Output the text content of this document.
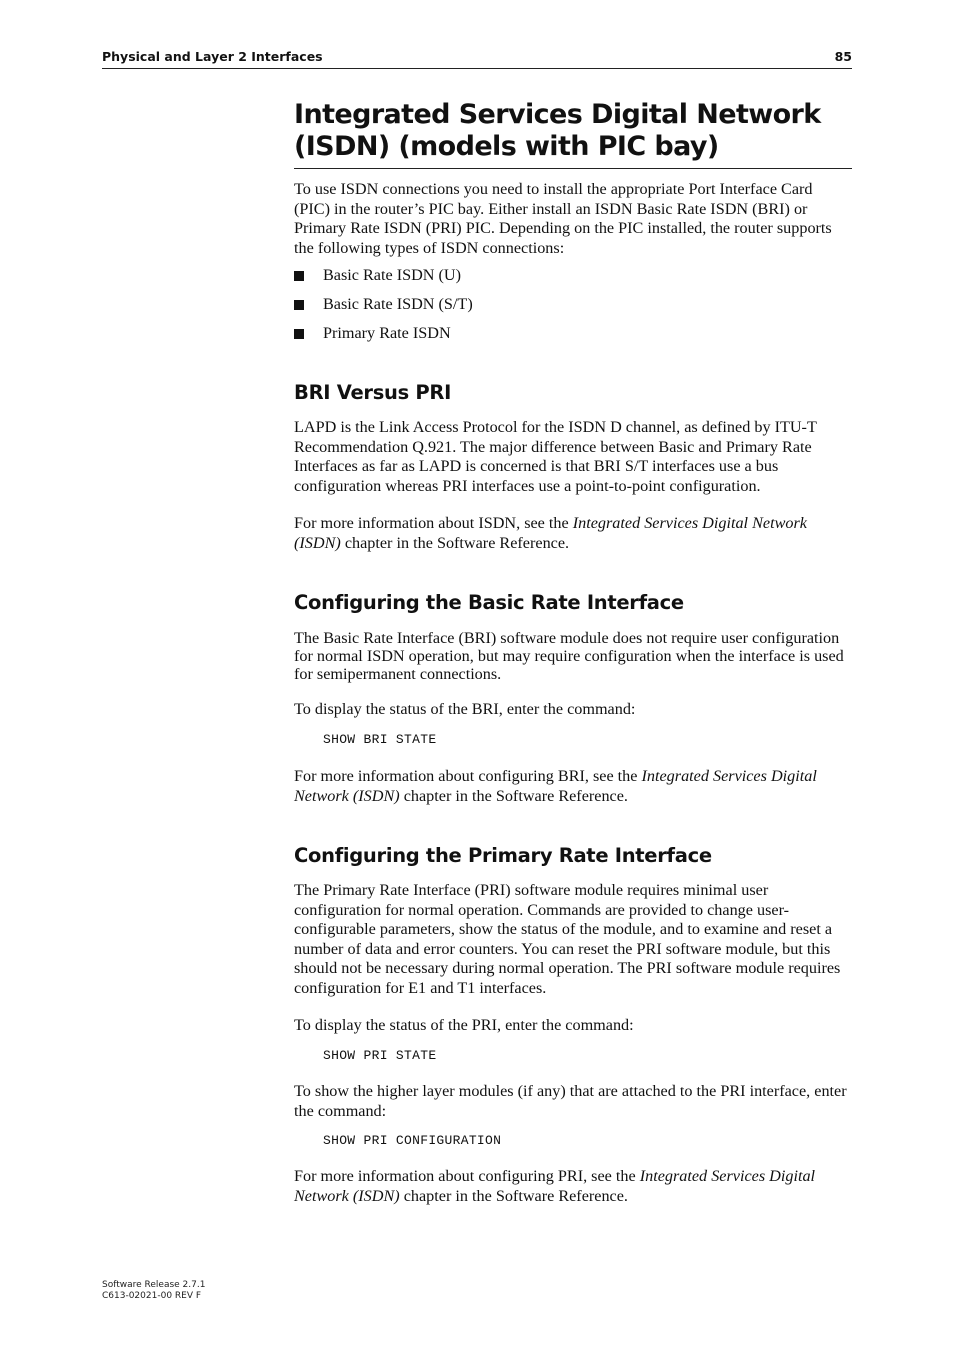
Physical and Layer 2 Interfaces	85
Integrated Services Digital Network (ISDN) (models with PIC bay)

To use ISDN connections you need to install the appropriate Port Interface Card (PIC) in the router’s PIC bay. Either install an ISDN Basic Rate ISDN (BRI) or Primary Rate ISDN (PRI) PIC. Depending on the PIC installed, the router supports the following types of ISDN connections:

Basic Rate ISDN (U)
Basic Rate ISDN (S/T)
Primary Rate ISDN
BRI Versus PRI

LAPD is the Link Access Protocol for the ISDN D channel, as defined by ITU-T Recommendation Q.921. The major difference between Basic and Primary Rate Interfaces as far as LAPD is concerned is that BRI S/T interfaces use a bus configuration whereas PRI interfaces use a point-to-point configuration.

For more information about ISDN, see the Integrated Services Digital Network (ISDN) chapter in the Software Reference.

Configuring the Basic Rate Interface

The Basic Rate Interface (BRI) software module does not require user configuration for normal ISDN operation, but may require configuration when the interface is used for semipermanent connections.

To display the status of the BRI, enter the command:

SHOW BRI STATE

For more information about configuring BRI, see the Integrated Services Digital Network (ISDN) chapter in the Software Reference.

Configuring the Primary Rate Interface

The Primary Rate Interface (PRI) software module requires minimal user configuration for normal operation. Commands are provided to change user-configurable parameters, show the status of the module, and to examine and reset a number of data and error counters. You can reset the PRI software module, but this should not be necessary during normal operation. The PRI software module requires configuration for E1 and T1 interfaces.

To display the status of the PRI, enter the command:

SHOW PRI STATE

To show the higher layer modules (if any) that are attached to the PRI interface, enter the command:

SHOW PRI CONFIGURATION

For more information about configuring PRI, see the Integrated Services Digital Network (ISDN) chapter in the Software Reference.

Software Release 2.7.1
C613-02021-00 REV F
